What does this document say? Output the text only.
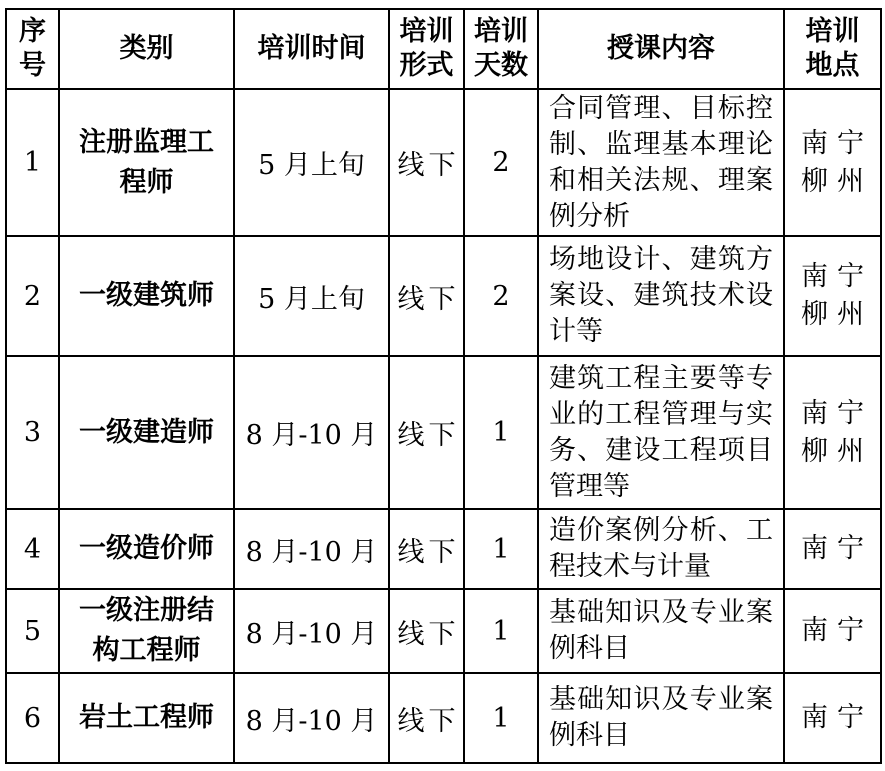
序号	类别	培训时间	培训形式	培训天数	授课内容	培训地点
1	注册监理工程师	5 月上旬	线下	2	合同管理、目标控制、监理基本理论和相关法规、理案例分析	南宁
柳州

2	一级建筑师	5 月上旬	线下	2	场地设计、建筑方案设、建筑技术设计等	南宁
柳州

3	一级建造师	8 月-10 月	线下	1	建筑工程主要等专业的工程管理与实务、建设工程项目管理等	南宁
柳州

4	一级造价师	8 月-10 月	线下	1	造价案例分析、工程技术与计量	南宁

5	一级注册结构工程师	8 月-10 月	线下	1	基础知识及专业案例科目	南宁

6	岩土工程师	8 月-10 月	线下	1	基础知识及专业案例科目	南宁
